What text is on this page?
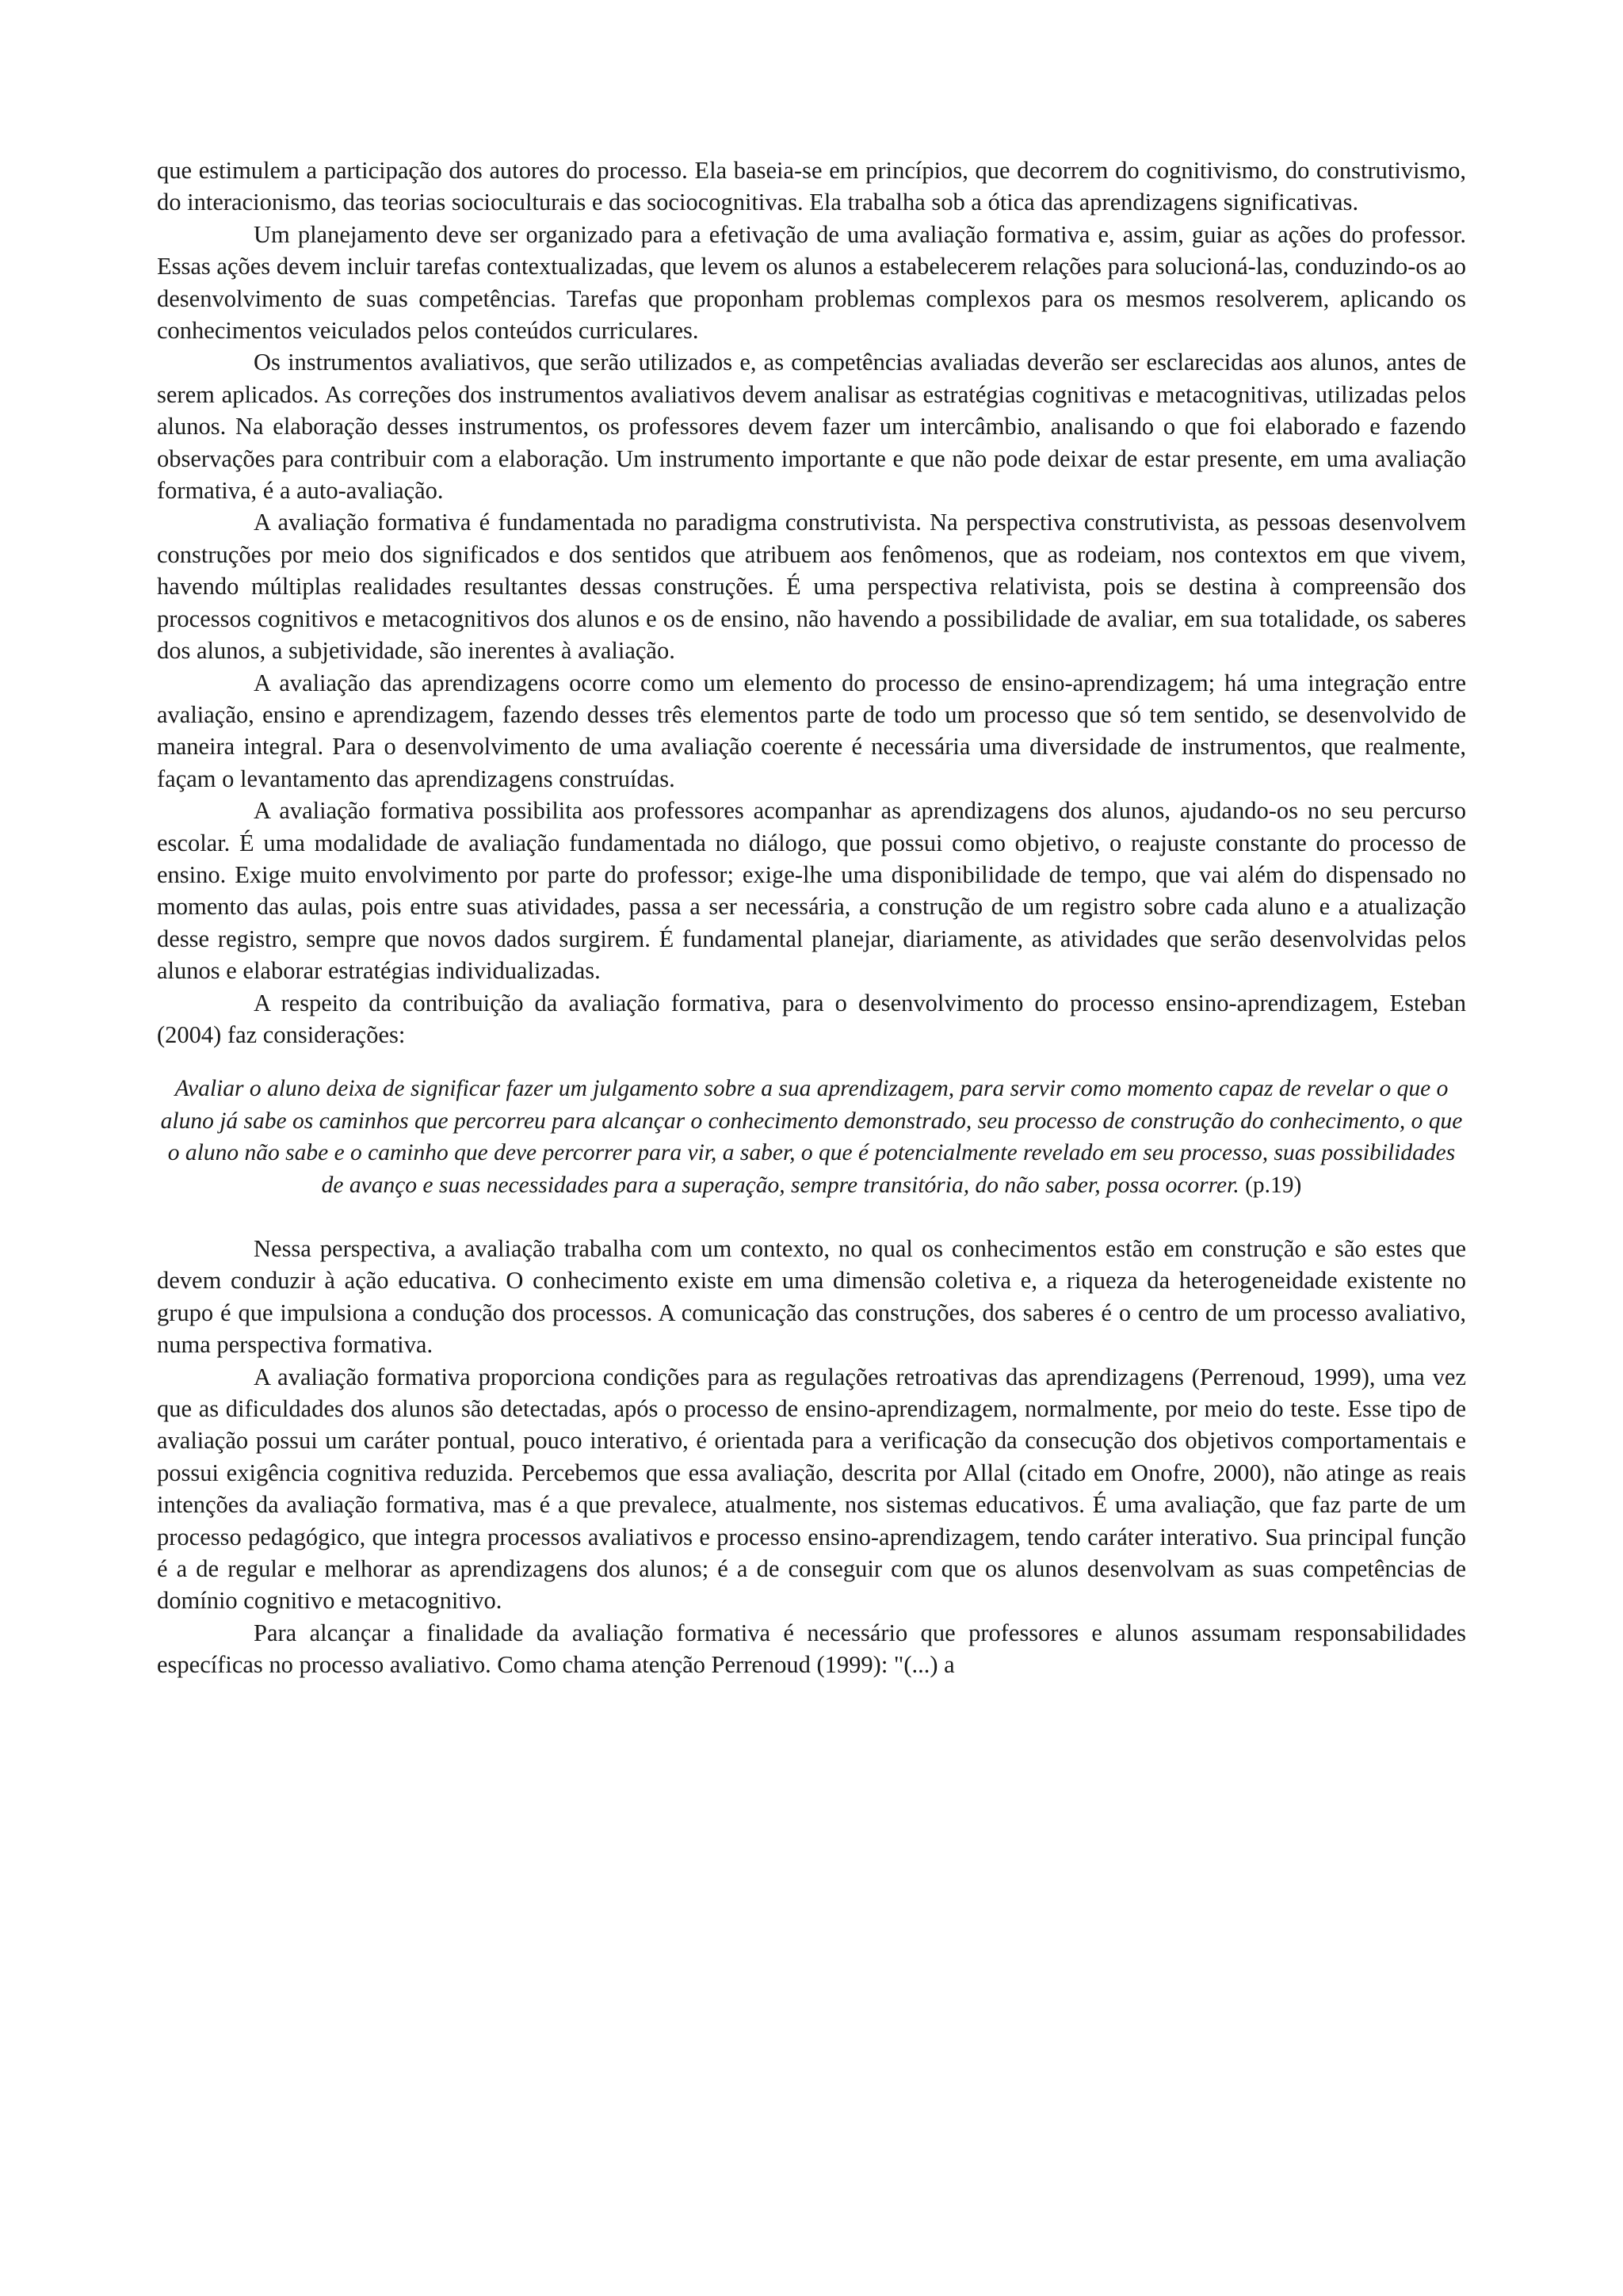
que estimulem a participação dos autores do processo. Ela baseia-se em princípios, que decorrem do cognitivismo, do construtivismo, do interacionismo, das teorias socioculturais e das sociocognitivas. Ela trabalha sob a ótica das aprendizagens significativas.

Um planejamento deve ser organizado para a efetivação de uma avaliação formativa e, assim, guiar as ações do professor. Essas ações devem incluir tarefas contextualizadas, que levem os alunos a estabelecerem relações para solucioná-las, conduzindo-os ao desenvolvimento de suas competências. Tarefas que proponham problemas complexos para os mesmos resolverem, aplicando os conhecimentos veiculados pelos conteúdos curriculares.

Os instrumentos avaliativos, que serão utilizados e, as competências avaliadas deverão ser esclarecidas aos alunos, antes de serem aplicados. As correções dos instrumentos avaliativos devem analisar as estratégias cognitivas e metacognitivas, utilizadas pelos alunos. Na elaboração desses instrumentos, os professores devem fazer um intercâmbio, analisando o que foi elaborado e fazendo observações para contribuir com a elaboração. Um instrumento importante e que não pode deixar de estar presente, em uma avaliação formativa, é a auto-avaliação.

A avaliação formativa é fundamentada no paradigma construtivista. Na perspectiva construtivista, as pessoas desenvolvem construções por meio dos significados e dos sentidos que atribuem aos fenômenos, que as rodeiam, nos contextos em que vivem, havendo múltiplas realidades resultantes dessas construções. É uma perspectiva relativista, pois se destina à compreensão dos processos cognitivos e metacognitivos dos alunos e os de ensino, não havendo a possibilidade de avaliar, em sua totalidade, os saberes dos alunos, a subjetividade, são inerentes à avaliação.

A avaliação das aprendizagens ocorre como um elemento do processo de ensino-aprendizagem; há uma integração entre avaliação, ensino e aprendizagem, fazendo desses três elementos parte de todo um processo que só tem sentido, se desenvolvido de maneira integral. Para o desenvolvimento de uma avaliação coerente é necessária uma diversidade de instrumentos, que realmente, façam o levantamento das aprendizagens construídas.

A avaliação formativa possibilita aos professores acompanhar as aprendizagens dos alunos, ajudando-os no seu percurso escolar. É uma modalidade de avaliação fundamentada no diálogo, que possui como objetivo, o reajuste constante do processo de ensino. Exige muito envolvimento por parte do professor; exige-lhe uma disponibilidade de tempo, que vai além do dispensado no momento das aulas, pois entre suas atividades, passa a ser necessária, a construção de um registro sobre cada aluno e a atualização desse registro, sempre que novos dados surgirem. É fundamental planejar, diariamente, as atividades que serão desenvolvidas pelos alunos e elaborar estratégias individualizadas.

A respeito da contribuição da avaliação formativa, para o desenvolvimento do processo ensino-aprendizagem, Esteban (2004) faz considerações:

Avaliar o aluno deixa de significar fazer um julgamento sobre a sua aprendizagem, para servir como momento capaz de revelar o que o aluno já sabe os caminhos que percorreu para alcançar o conhecimento demonstrado, seu processo de construção do conhecimento, o que o aluno não sabe e o caminho que deve percorrer para vir, a saber, o que é potencialmente revelado em seu processo, suas possibilidades de avanço e suas necessidades para a superação, sempre transitória, do não saber, possa ocorrer. (p.19)

Nessa perspectiva, a avaliação trabalha com um contexto, no qual os conhecimentos estão em construção e são estes que devem conduzir à ação educativa. O conhecimento existe em uma dimensão coletiva e, a riqueza da heterogeneidade existente no grupo é que impulsiona a condução dos processos. A comunicação das construções, dos saberes é o centro de um processo avaliativo, numa perspectiva formativa.

A avaliação formativa proporciona condições para as regulações retroativas das aprendizagens (Perrenoud, 1999), uma vez que as dificuldades dos alunos são detectadas, após o processo de ensino-aprendizagem, normalmente, por meio do teste. Esse tipo de avaliação possui um caráter pontual, pouco interativo, é orientada para a verificação da consecução dos objetivos comportamentais e possui exigência cognitiva reduzida. Percebemos que essa avaliação, descrita por Allal (citado em Onofre, 2000), não atinge as reais intenções da avaliação formativa, mas é a que prevalece, atualmente, nos sistemas educativos. É uma avaliação, que faz parte de um processo pedagógico, que integra processos avaliativos e processo ensino-aprendizagem, tendo caráter interativo. Sua principal função é a de regular e melhorar as aprendizagens dos alunos; é a de conseguir com que os alunos desenvolvam as suas competências de domínio cognitivo e metacognitivo.

Para alcançar a finalidade da avaliação formativa é necessário que professores e alunos assumam responsabilidades específicas no processo avaliativo. Como chama atenção Perrenoud (1999): "(...) a
